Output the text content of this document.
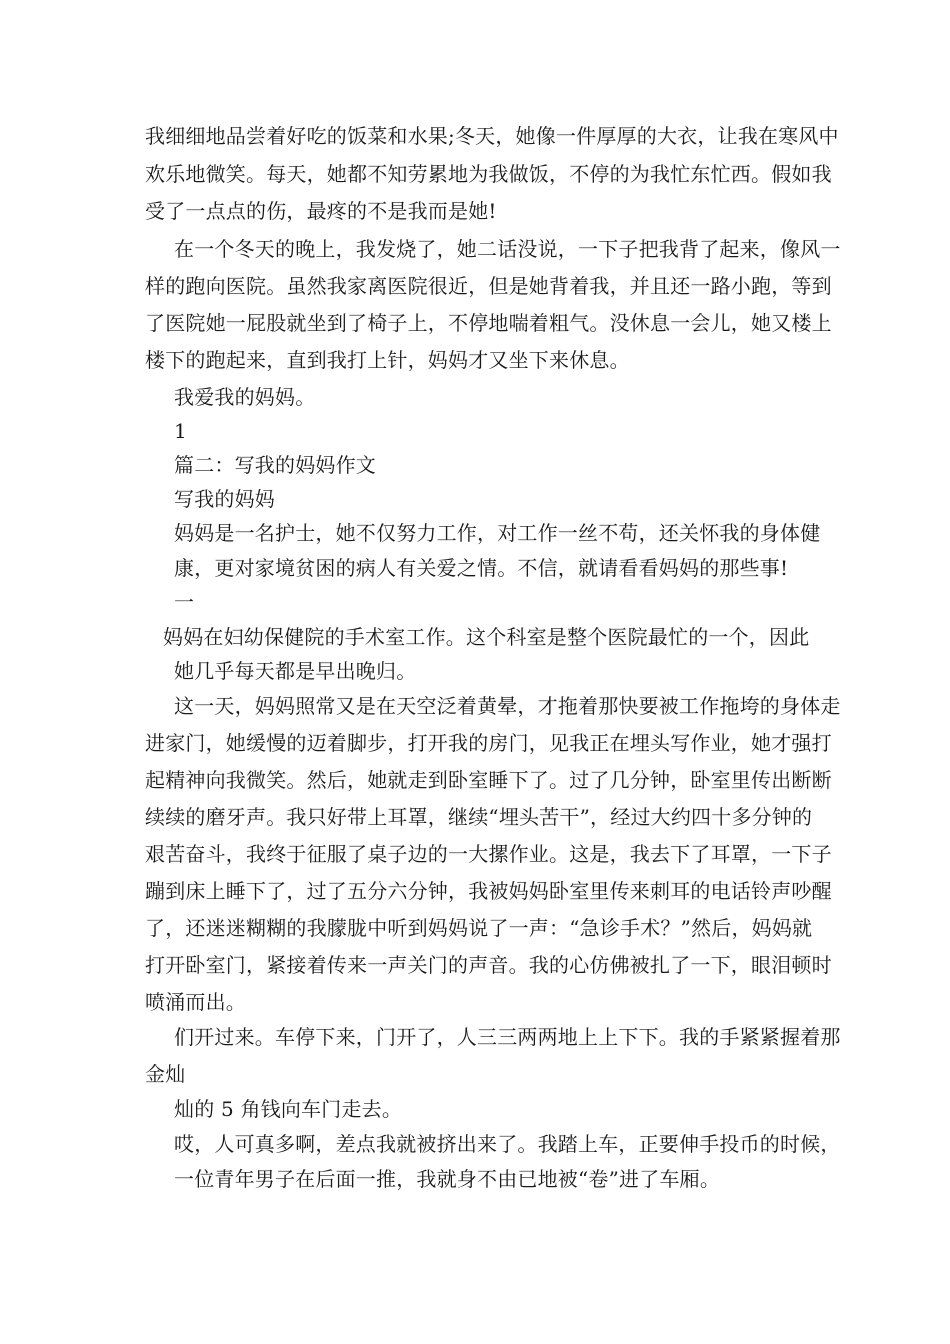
我细细地品尝着好吃的饭菜和水果;冬天，她像一件厚厚的大衣，让我在寒风中
欢乐地微笑。每天，她都不知劳累地为我做饭，不停的为我忙东忙西。假如我
受了一点点的伤，最疼的不是我而是她!
在一个冬天的晚上，我发烧了，她二话没说，一下子把我背了起来，像风一
样的跑向医院。虽然我家离医院很近，但是她背着我，并且还一路小跑，等到
了医院她一屁股就坐到了椅子上，不停地喘着粗气。没休息一会儿，她又楼上
楼下的跑起来，直到我打上针，妈妈才又坐下来休息。
我爱我的妈妈。
1
篇二：写我的妈妈作文
写我的妈妈
妈妈是一名护士，她不仅努力工作，对工作一丝不苟，还关怀我的身体健
康，更对家境贫困的病人有关爱之情。不信，就请看看妈妈的那些事!
一
妈妈在妇幼保健院的手术室工作。这个科室是整个医院最忙的一个，因此
她几乎每天都是早出晚归。
这一天，妈妈照常又是在天空泛着黄晕，才拖着那快要被工作拖垮的身体走
进家门，她缓慢的迈着脚步，打开我的房门，见我正在埋头写作业，她才强打
起精神向我微笑。然后，她就走到卧室睡下了。过了几分钟，卧室里传出断断
续续的磨牙声。我只好带上耳罩，继续“埋头苦干”，经过大约四十多分钟的
艰苦奋斗，我终于征服了桌子边的一大摞作业。这是，我去下了耳罩，一下子
蹦到床上睡下了，过了五分六分钟，我被妈妈卧室里传来刺耳的电话铃声吵醒
了，还迷迷糊糊的我朦胧中听到妈妈说了一声：“急诊手术？”然后，妈妈就
打开卧室门，紧接着传来一声关门的声音。我的心仿佛被扎了一下，眼泪顿时
喷涌而出。
们开过来。车停下来，门开了，人三三两两地上上下下。我的手紧紧握着那
金灿
灿的 5 角钱向车门走去。
哎，人可真多啊，差点我就被挤出来了。我踏上车，正要伸手投币的时候，
一位青年男子在后面一推，我就身不由已地被“卷”进了车厢。
